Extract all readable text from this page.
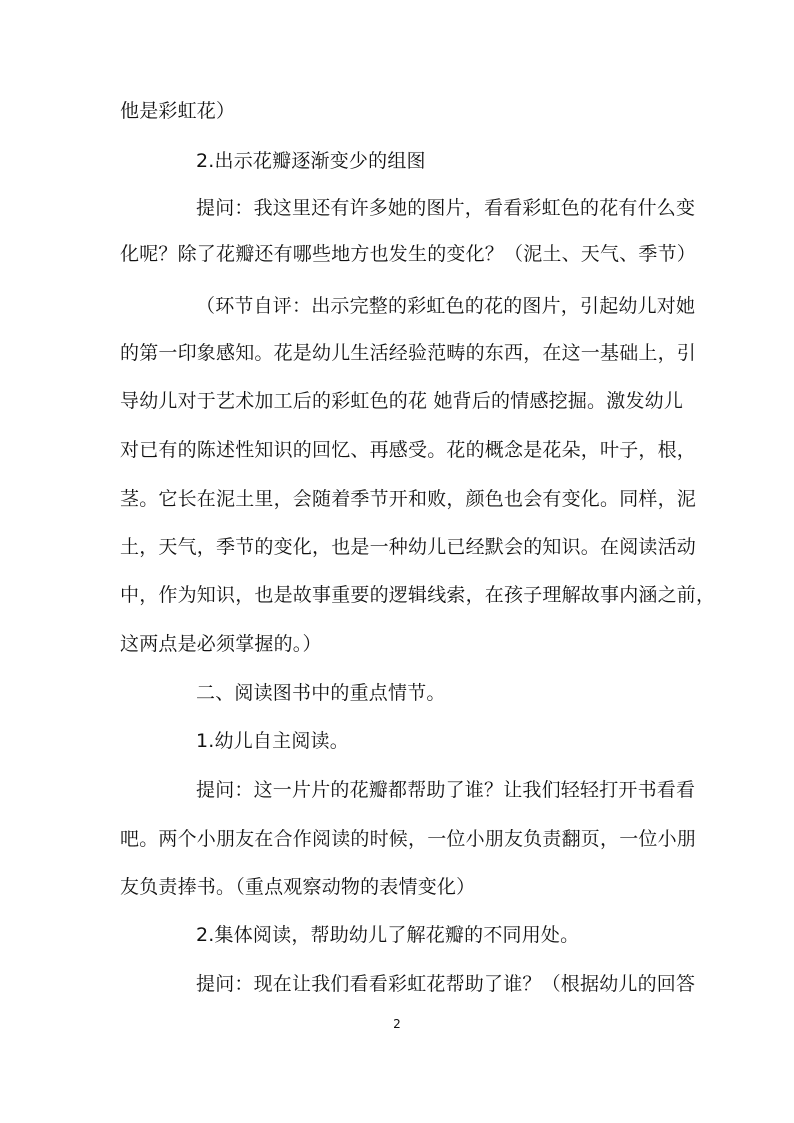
他是彩虹花）
2.出示花瓣逐渐变少的组图
提问：我这里还有许多她的图片，看看彩虹色的花有什么变
化呢？除了花瓣还有哪些地方也发生的变化？（泥土、天气、季节）
（环节自评：出示完整的彩虹色的花的图片，引起幼儿对她
的第一印象感知。花是幼儿生活经验范畴的东西，在这一基础上，引
导幼儿对于艺术加工后的彩虹色的花 她背后的情感挖掘。激发幼儿
对已有的陈述性知识的回忆、再感受。花的概念是花朵，叶子，根，
茎。它长在泥土里，会随着季节开和败，颜色也会有变化。同样，泥
土，天气，季节的变化，也是一种幼儿已经默会的知识。在阅读活动
中，作为知识，也是故事重要的逻辑线索，在孩子理解故事内涵之前，
这两点是必须掌握的。）
二、阅读图书中的重点情节。
1.幼儿自主阅读。
提问：这一片片的花瓣都帮助了谁？让我们轻轻打开书看看
吧。两个小朋友在合作阅读的时候，一位小朋友负责翻页，一位小朋
友负责捧书。（重点观察动物的表情变化）
2.集体阅读，帮助幼儿了解花瓣的不同用处。
提问：现在让我们看看彩虹花帮助了谁？（根据幼儿的回答
2
